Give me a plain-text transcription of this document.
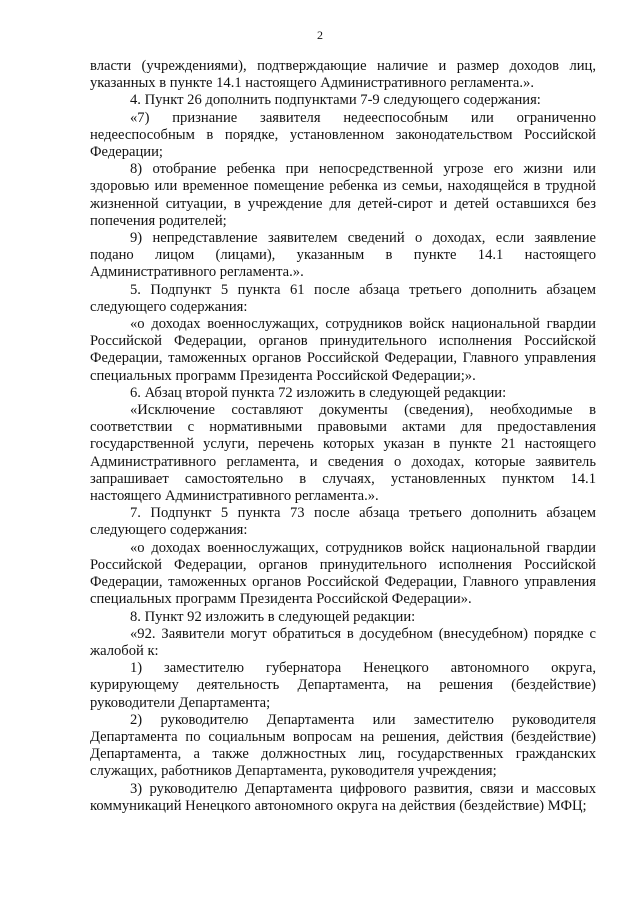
2

власти (учреждениями), подтверждающие наличие и размер доходов лиц, указанных в пункте 14.1 настоящего Административного регламента.».

4. Пункт 26 дополнить подпунктами 7-9 следующего содержания:

«7) признание заявителя недееспособным или ограниченно недееспособным в порядке, установленном законодательством Российской Федерации;

8) отобрание ребенка при непосредственной угрозе его жизни или здоровью или временное помещение ребенка из семьи, находящейся в трудной жизненной ситуации, в учреждение для детей-сирот и детей оставшихся без попечения родителей;

9) непредставление заявителем сведений о доходах, если заявление подано лицом (лицами), указанным в пункте 14.1 настоящего Административного регламента.».

5. Подпункт 5 пункта 61 после абзаца третьего дополнить абзацем следующего содержания:

«о доходах военнослужащих, сотрудников войск национальной гвардии Российской Федерации, органов принудительного исполнения Российской Федерации, таможенных органов Российской Федерации, Главного управления специальных программ Президента Российской Федерации;».

6. Абзац второй пункта 72 изложить в следующей редакции:

«Исключение составляют документы (сведения), необходимые в соответствии с нормативными правовыми актами для предоставления государственной услуги, перечень которых указан в пункте 21 настоящего Административного регламента, и сведения о доходах, которые заявитель запрашивает самостоятельно в случаях, установленных пунктом 14.1 настоящего Административного регламента.».

7. Подпункт 5 пункта 73 после абзаца третьего дополнить абзацем следующего содержания:

«о доходах военнослужащих, сотрудников войск национальной гвардии Российской Федерации, органов принудительного исполнения Российской Федерации, таможенных органов Российской Федерации, Главного управления специальных программ Президента Российской Федерации».

8. Пункт 92 изложить в следующей редакции:

«92. Заявители могут обратиться в досудебном (внесудебном) порядке с жалобой к:

1) заместителю губернатора Ненецкого автономного округа, курирующему деятельность Департамента, на решения (бездействие) руководители Департамента;

2) руководителю Департамента или заместителю руководителя Департамента по социальным вопросам на решения, действия (бездействие) Департамента, а также должностных лиц, государственных гражданских служащих, работников Департамента, руководителя учреждения;

3) руководителю Департамента цифрового развития, связи и массовых коммуникаций Ненецкого автономного округа на действия (бездействие) МФЦ;
